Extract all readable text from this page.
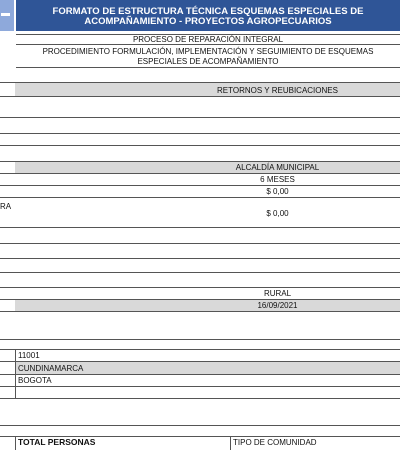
FORMATO DE ESTRUCTURA TÉCNICA ESQUEMAS ESPECIALES DE
ACOMPAÑAMIENTO - PROYECTOS AGROPECUARIOS
PROCESO DE REPARACIÓN INTEGRAL
PROCEDIMIENTO FORMULACIÓN, IMPLEMENTACIÓN Y SEGUIMIENTO DE ESQUEMAS
ESPECIALES DE ACOMPAÑAMIENTO
RETORNOS Y REUBICACIONES
ALCALDÍA MUNICIPAL
6 MESES
$ 0,00
RA
$ 0,00
RURAL
16/09/2021
11001
CUNDINAMARCA
BOGOTA
TOTAL PERSONAS	TIPO DE COMUNIDAD
